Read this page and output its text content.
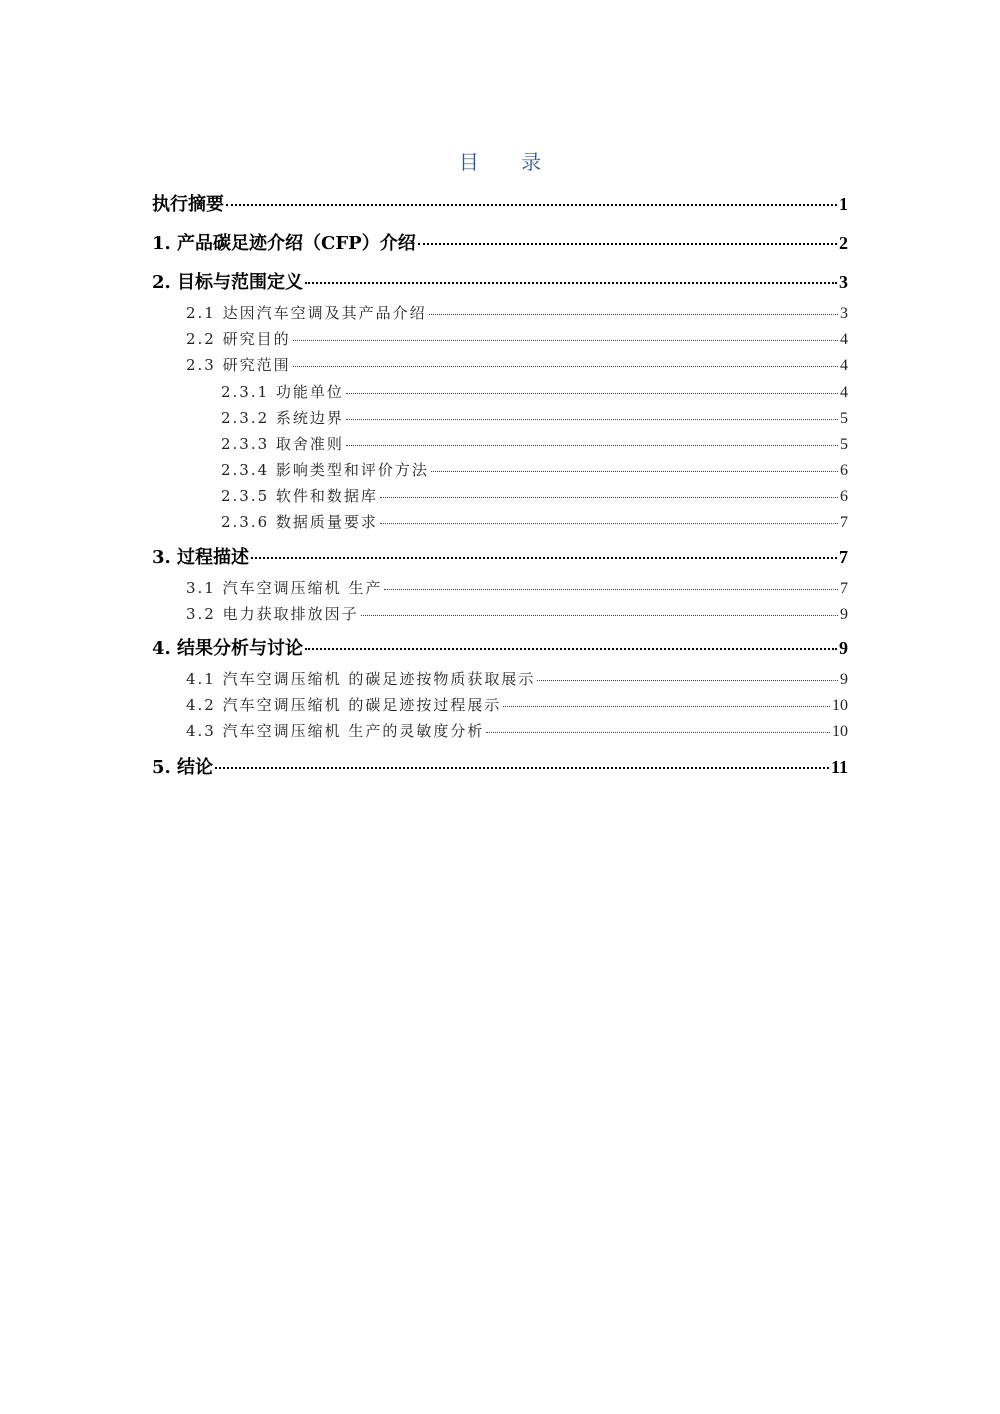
目 录
执行摘要	1
1. 产品碳足迹介绍（CFP）介绍	2
2. 目标与范围定义	3
2.1 达因汽车空调及其产品介绍	3
2.2 研究目的	4
2.3 研究范围	4
2.3.1 功能单位	4
2.3.2 系统边界	5
2.3.3 取舍准则	5
2.3.4 影响类型和评价方法	6
2.3.5 软件和数据库	6
2.3.6 数据质量要求	7
3. 过程描述	7
3.1 汽车空调压缩机 生产	7
3.2 电力获取排放因子	9
4. 结果分析与讨论	9
4.1 汽车空调压缩机 的碳足迹按物质获取展示	9
4.2 汽车空调压缩机 的碳足迹按过程展示	10
4.3 汽车空调压缩机 生产的灵敏度分析	10
5. 结论	11
